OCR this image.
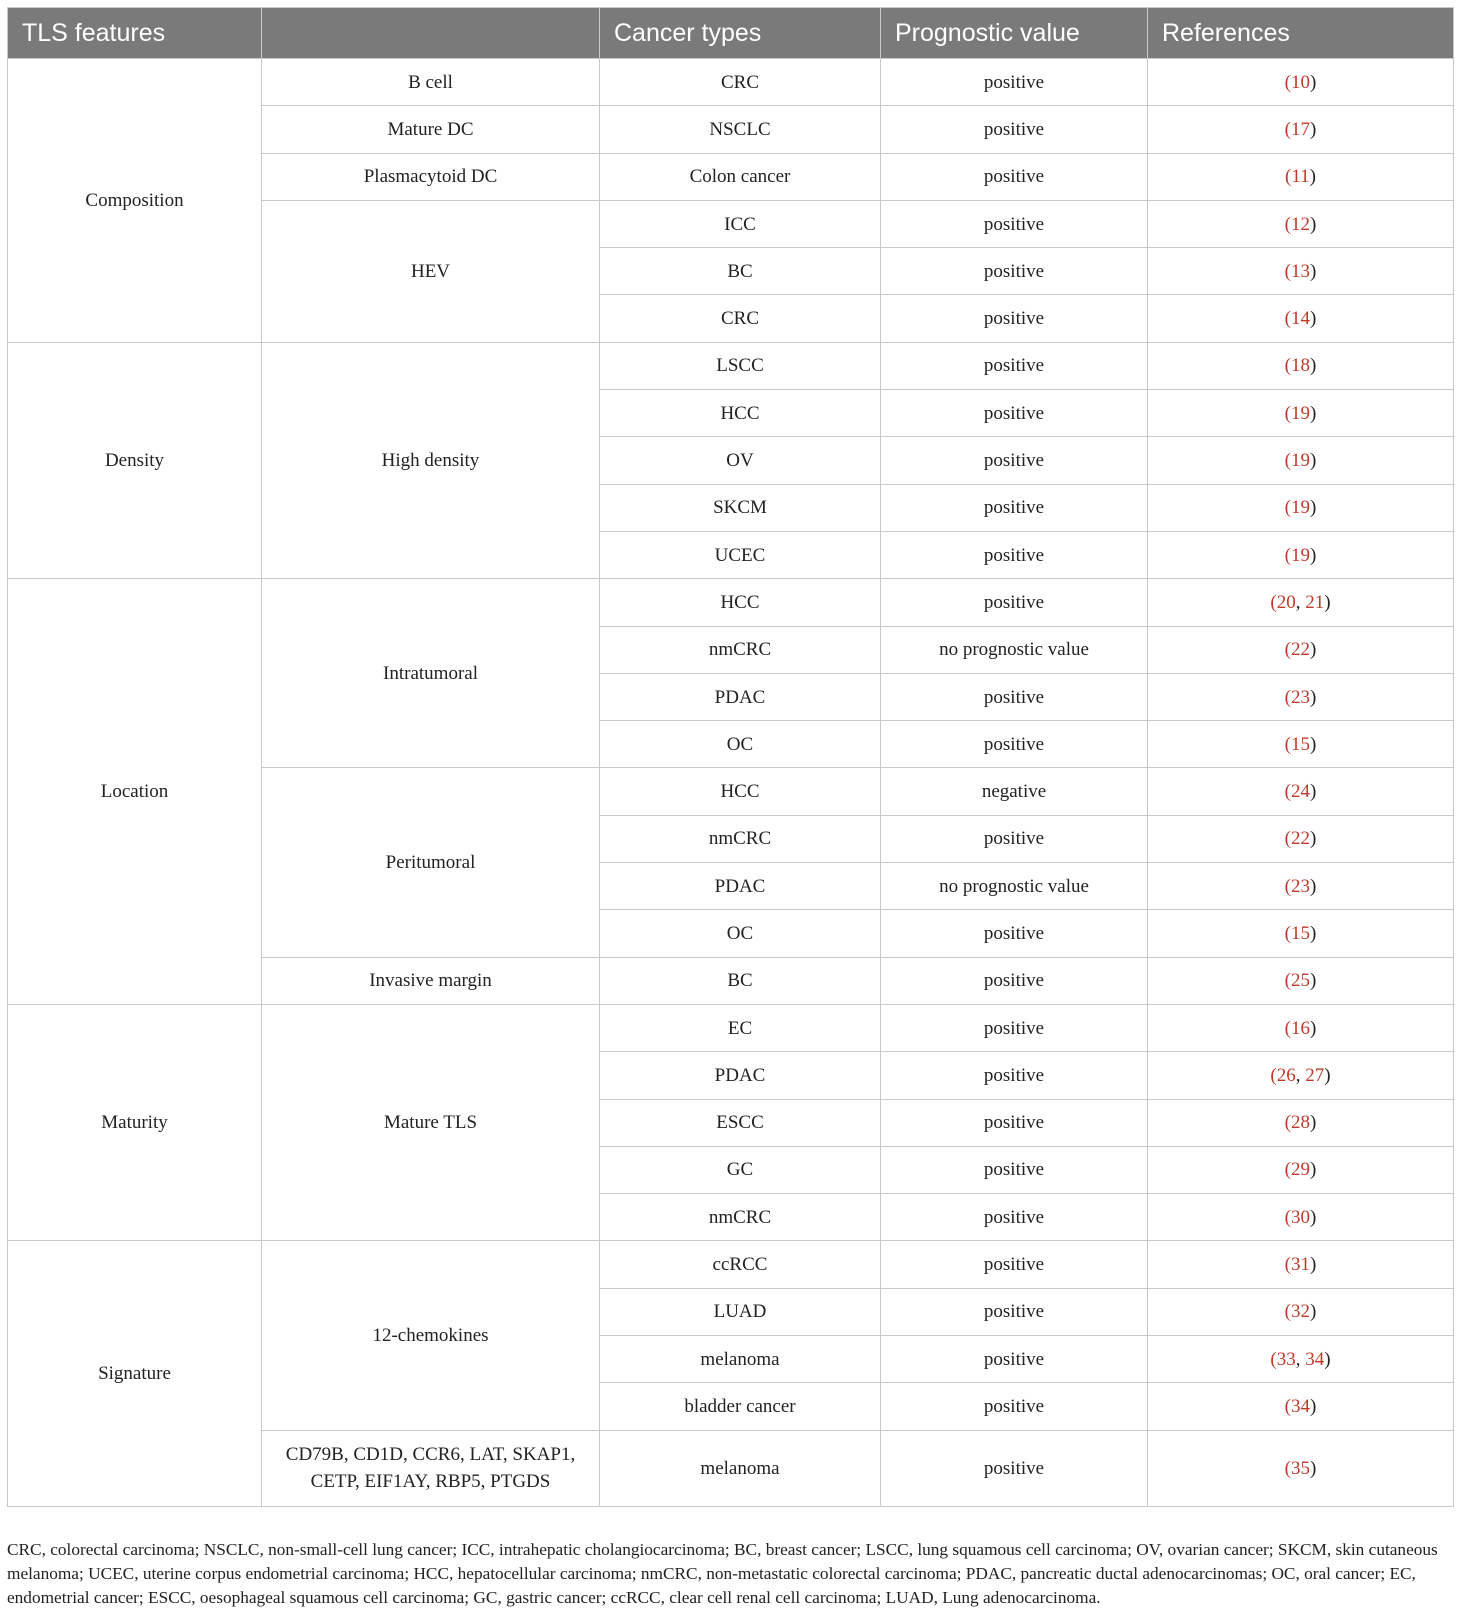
TLS features		Cancer types	Prognostic value	References
Composition	B cell	CRC	positive	(10)
	Mature DC	NSCLC	positive	(17)
	Plasmacytoid DC	Colon cancer	positive	(11)
	HEV	ICC	positive	(12)
		BC	positive	(13)
		CRC	positive	(14)
Density	High density	LSCC	positive	(18)
		HCC	positive	(19)
		OV	positive	(19)
		SKCM	positive	(19)
		UCEC	positive	(19)
Location	Intratumoral	HCC	positive	(20, 21)
		nmCRC	no prognostic value	(22)
		PDAC	positive	(23)
		OC	positive	(15)
	Peritumoral	HCC	negative	(24)
		nmCRC	positive	(22)
		PDAC	no prognostic value	(23)
		OC	positive	(15)
	Invasive margin	BC	positive	(25)
Maturity	Mature TLS	EC	positive	(16)
		PDAC	positive	(26, 27)
		ESCC	positive	(28)
		GC	positive	(29)
		nmCRC	positive	(30)
Signature	12-chemokines	ccRCC	positive	(31)
		LUAD	positive	(32)
		melanoma	positive	(33, 34)
		bladder cancer	positive	(34)
	CD79B, CD1D, CCR6, LAT, SKAP1, CETP, EIF1AY, RBP5, PTGDS	melanoma	positive	(35)
CRC, colorectal carcinoma; NSCLC, non-small-cell lung cancer; ICC, intrahepatic cholangiocarcinoma; BC, breast cancer; LSCC, lung squamous cell carcinoma; OV, ovarian cancer; SKCM, skin cutaneous melanoma; UCEC, uterine corpus endometrial carcinoma; HCC, hepatocellular carcinoma; nmCRC, non-metastatic colorectal carcinoma; PDAC, pancreatic ductal adenocarcinomas; OC, oral cancer; EC, endometrial cancer; ESCC, oesophageal squamous cell carcinoma; GC, gastric cancer; ccRCC, clear cell renal cell carcinoma; LUAD, Lung adenocarcinoma.
